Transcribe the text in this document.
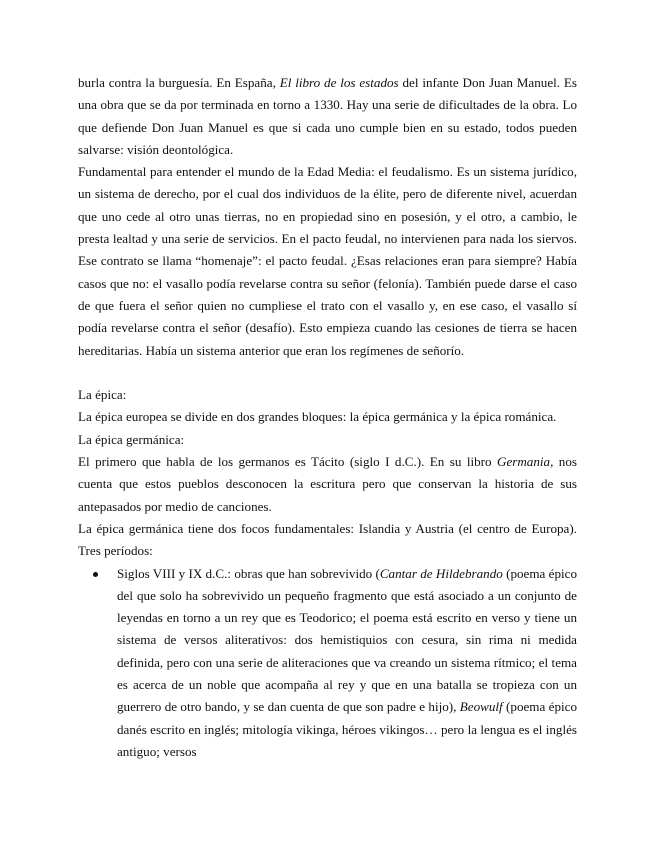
burla contra la burguesía. En España, El libro de los estados del infante Don Juan Manuel. Es una obra que se da por terminada en torno a 1330. Hay una serie de dificultades de la obra. Lo que defiende Don Juan Manuel es que si cada uno cumple bien en su estado, todos pueden salvarse: visión deontológica.

Fundamental para entender el mundo de la Edad Media: el feudalismo. Es un sistema jurídico, un sistema de derecho, por el cual dos individuos de la élite, pero de diferente nivel, acuerdan que uno cede al otro unas tierras, no en propiedad sino en posesión, y el otro, a cambio, le presta lealtad y una serie de servicios. En el pacto feudal, no intervienen para nada los siervos. Ese contrato se llama “homenaje”: el pacto feudal. ¿Esas relaciones eran para siempre? Había casos que no: el vasallo podía revelarse contra su señor (felonía). También puede darse el caso de que fuera el señor quien no cumpliese el trato con el vasallo y, en ese caso, el vasallo sí podía revelarse contra el señor (desafío). Esto empieza cuando las cesiones de tierra se hacen hereditarias. Había un sistema anterior que eran los regímenes de señorío.

La épica:

La épica europea se divide en dos grandes bloques: la épica germánica y la épica románica.

La épica germánica:

El primero que habla de los germanos es Tácito (siglo I d.C.). En su libro Germania, nos cuenta que estos pueblos desconocen la escritura pero que conservan la historia de sus antepasados por medio de canciones.

La épica germánica tiene dos focos fundamentales: Islandia y Austria (el centro de Europa). Tres períodos:

Siglos VIII y IX d.C.: obras que han sobrevivido (Cantar de Hildebrando (poema épico del que solo ha sobrevivido un pequeño fragmento que está asociado a un conjunto de leyendas en torno a un rey que es Teodorico; el poema está escrito en verso y tiene un sistema de versos aliterativos: dos hemistiquios con cesura, sin rima ni medida definida, pero con una serie de aliteraciones que va creando un sistema rítmico; el tema es acerca de un noble que acompaña al rey y que en una batalla se tropieza con un guerrero de otro bando, y se dan cuenta de que son padre e hijo), Beowulf (poema épico danés escrito en inglés; mitología vikinga, héroes vikingos… pero la lengua es el inglés antiguo; versos
